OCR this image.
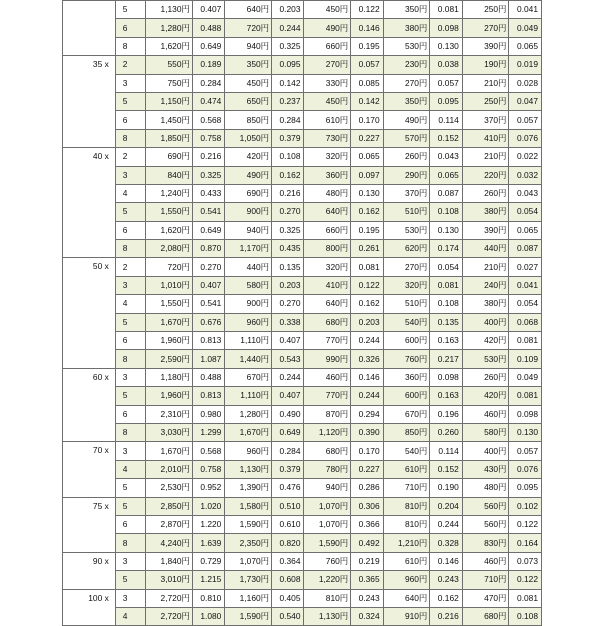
	5	1,130円	0.407	640円	0.203	450円	0.122	350円	0.081	250円	0.041
	6	1,280円	0.488	720円	0.244	490円	0.146	380円	0.098	270円	0.049
	8	1,620円	0.649	940円	0.325	660円	0.195	530円	0.130	390円	0.065
35 x	2	550円	0.189	350円	0.095	270円	0.057	230円	0.038	190円	0.019
	3	750円	0.284	450円	0.142	330円	0.085	270円	0.057	210円	0.028
	5	1,150円	0.474	650円	0.237	450円	0.142	350円	0.095	250円	0.047
	6	1,450円	0.568	850円	0.284	610円	0.170	490円	0.114	370円	0.057
	8	1,850円	0.758	1,050円	0.379	730円	0.227	570円	0.152	410円	0.076
40 x	2	690円	0.216	420円	0.108	320円	0.065	260円	0.043	210円	0.022
	3	840円	0.325	490円	0.162	360円	0.097	290円	0.065	220円	0.032
	4	1,240円	0.433	690円	0.216	480円	0.130	370円	0.087	260円	0.043
	5	1,550円	0.541	900円	0.270	640円	0.162	510円	0.108	380円	0.054
	6	1,620円	0.649	940円	0.325	660円	0.195	530円	0.130	390円	0.065
	8	2,080円	0.870	1,170円	0.435	800円	0.261	620円	0.174	440円	0.087
50 x	2	720円	0.270	440円	0.135	320円	0.081	270円	0.054	210円	0.027
	3	1,010円	0.407	580円	0.203	410円	0.122	320円	0.081	240円	0.041
	4	1,550円	0.541	900円	0.270	640円	0.162	510円	0.108	380円	0.054
	5	1,670円	0.676	960円	0.338	680円	0.203	540円	0.135	400円	0.068
	6	1,960円	0.813	1,110円	0.407	770円	0.244	600円	0.163	420円	0.081
	8	2,590円	1.087	1,440円	0.543	990円	0.326	760円	0.217	530円	0.109
60 x	3	1,180円	0.488	670円	0.244	460円	0.146	360円	0.098	260円	0.049
	5	1,960円	0.813	1,110円	0.407	770円	0.244	600円	0.163	420円	0.081
	6	2,310円	0.980	1,280円	0.490	870円	0.294	670円	0.196	460円	0.098
	8	3,030円	1.299	1,670円	0.649	1,120円	0.390	850円	0.260	580円	0.130
70 x	3	1,670円	0.568	960円	0.284	680円	0.170	540円	0.114	400円	0.057
	4	2,010円	0.758	1,130円	0.379	780円	0.227	610円	0.152	430円	0.076
	5	2,530円	0.952	1,390円	0.476	940円	0.286	710円	0.190	480円	0.095
75 x	5	2,850円	1.020	1,580円	0.510	1,070円	0.306	810円	0.204	560円	0.102
	6	2,870円	1.220	1,590円	0.610	1,070円	0.366	810円	0.244	560円	0.122
	8	4,240円	1.639	2,350円	0.820	1,590円	0.492	1,210円	0.328	830円	0.164
90 x	3	1,840円	0.729	1,070円	0.364	760円	0.219	610円	0.146	460円	0.073
	5	3,010円	1.215	1,730円	0.608	1,220円	0.365	960円	0.243	710円	0.122
100 x	3	2,720円	0.810	1,160円	0.405	810円	0.243	640円	0.162	470円	0.081
	4	2,720円	1.080	1,590円	0.540	1,130円	0.324	910円	0.216	680円	0.108
